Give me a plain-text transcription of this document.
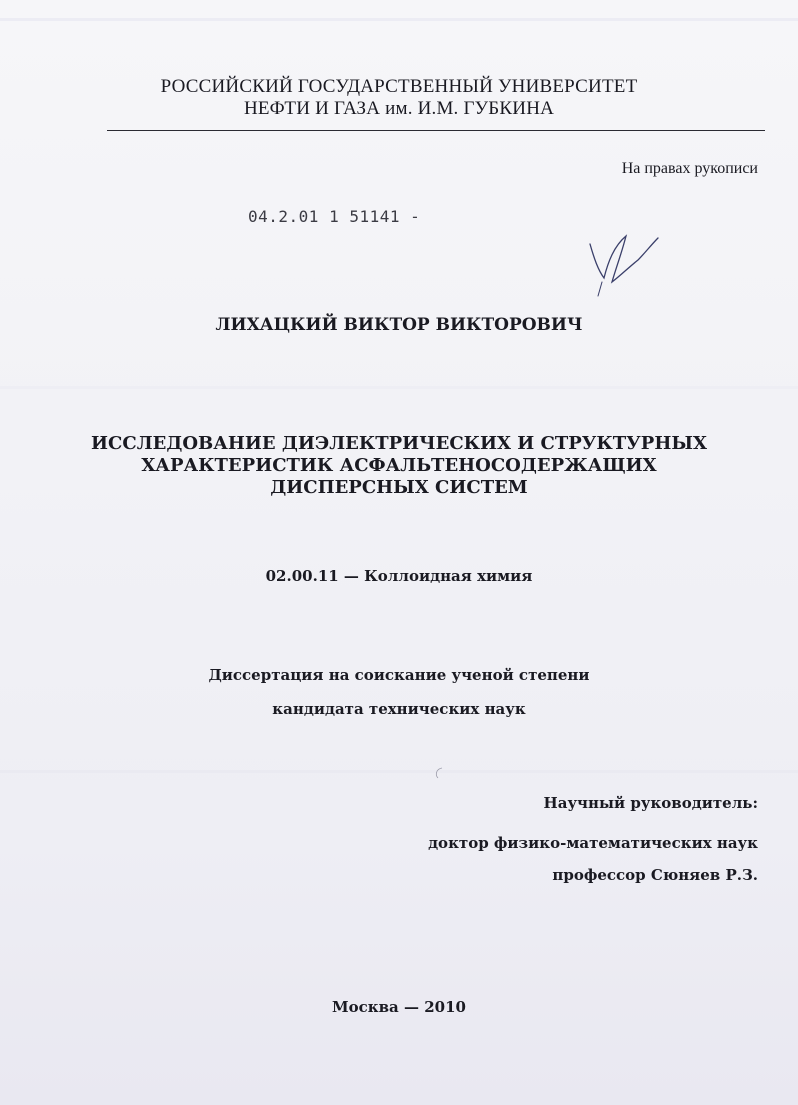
РОССИЙСКИЙ ГОСУДАРСТВЕННЫЙ УНИВЕРСИТЕТ
НЕФТИ И ГАЗА им. И.М. ГУБКИНА
На правах рукописи
04.2.01 1 51141 -
ЛИХАЦКИЙ ВИКТОР ВИКТОРОВИЧ
ИССЛЕДОВАНИЕ ДИЭЛЕКТРИЧЕСКИХ И СТРУКТУРНЫХ
ХАРАКТЕРИСТИК АСФАЛЬТЕНОСОДЕРЖАЩИХ
ДИСПЕРСНЫХ СИСТЕМ
02.00.11 — Коллоидная химия
Диссертация на соискание ученой степени
кандидата технических наук
Научный руководитель:
доктор физико-математических наук
профессор Сюняев Р.З.
Москва — 2010
